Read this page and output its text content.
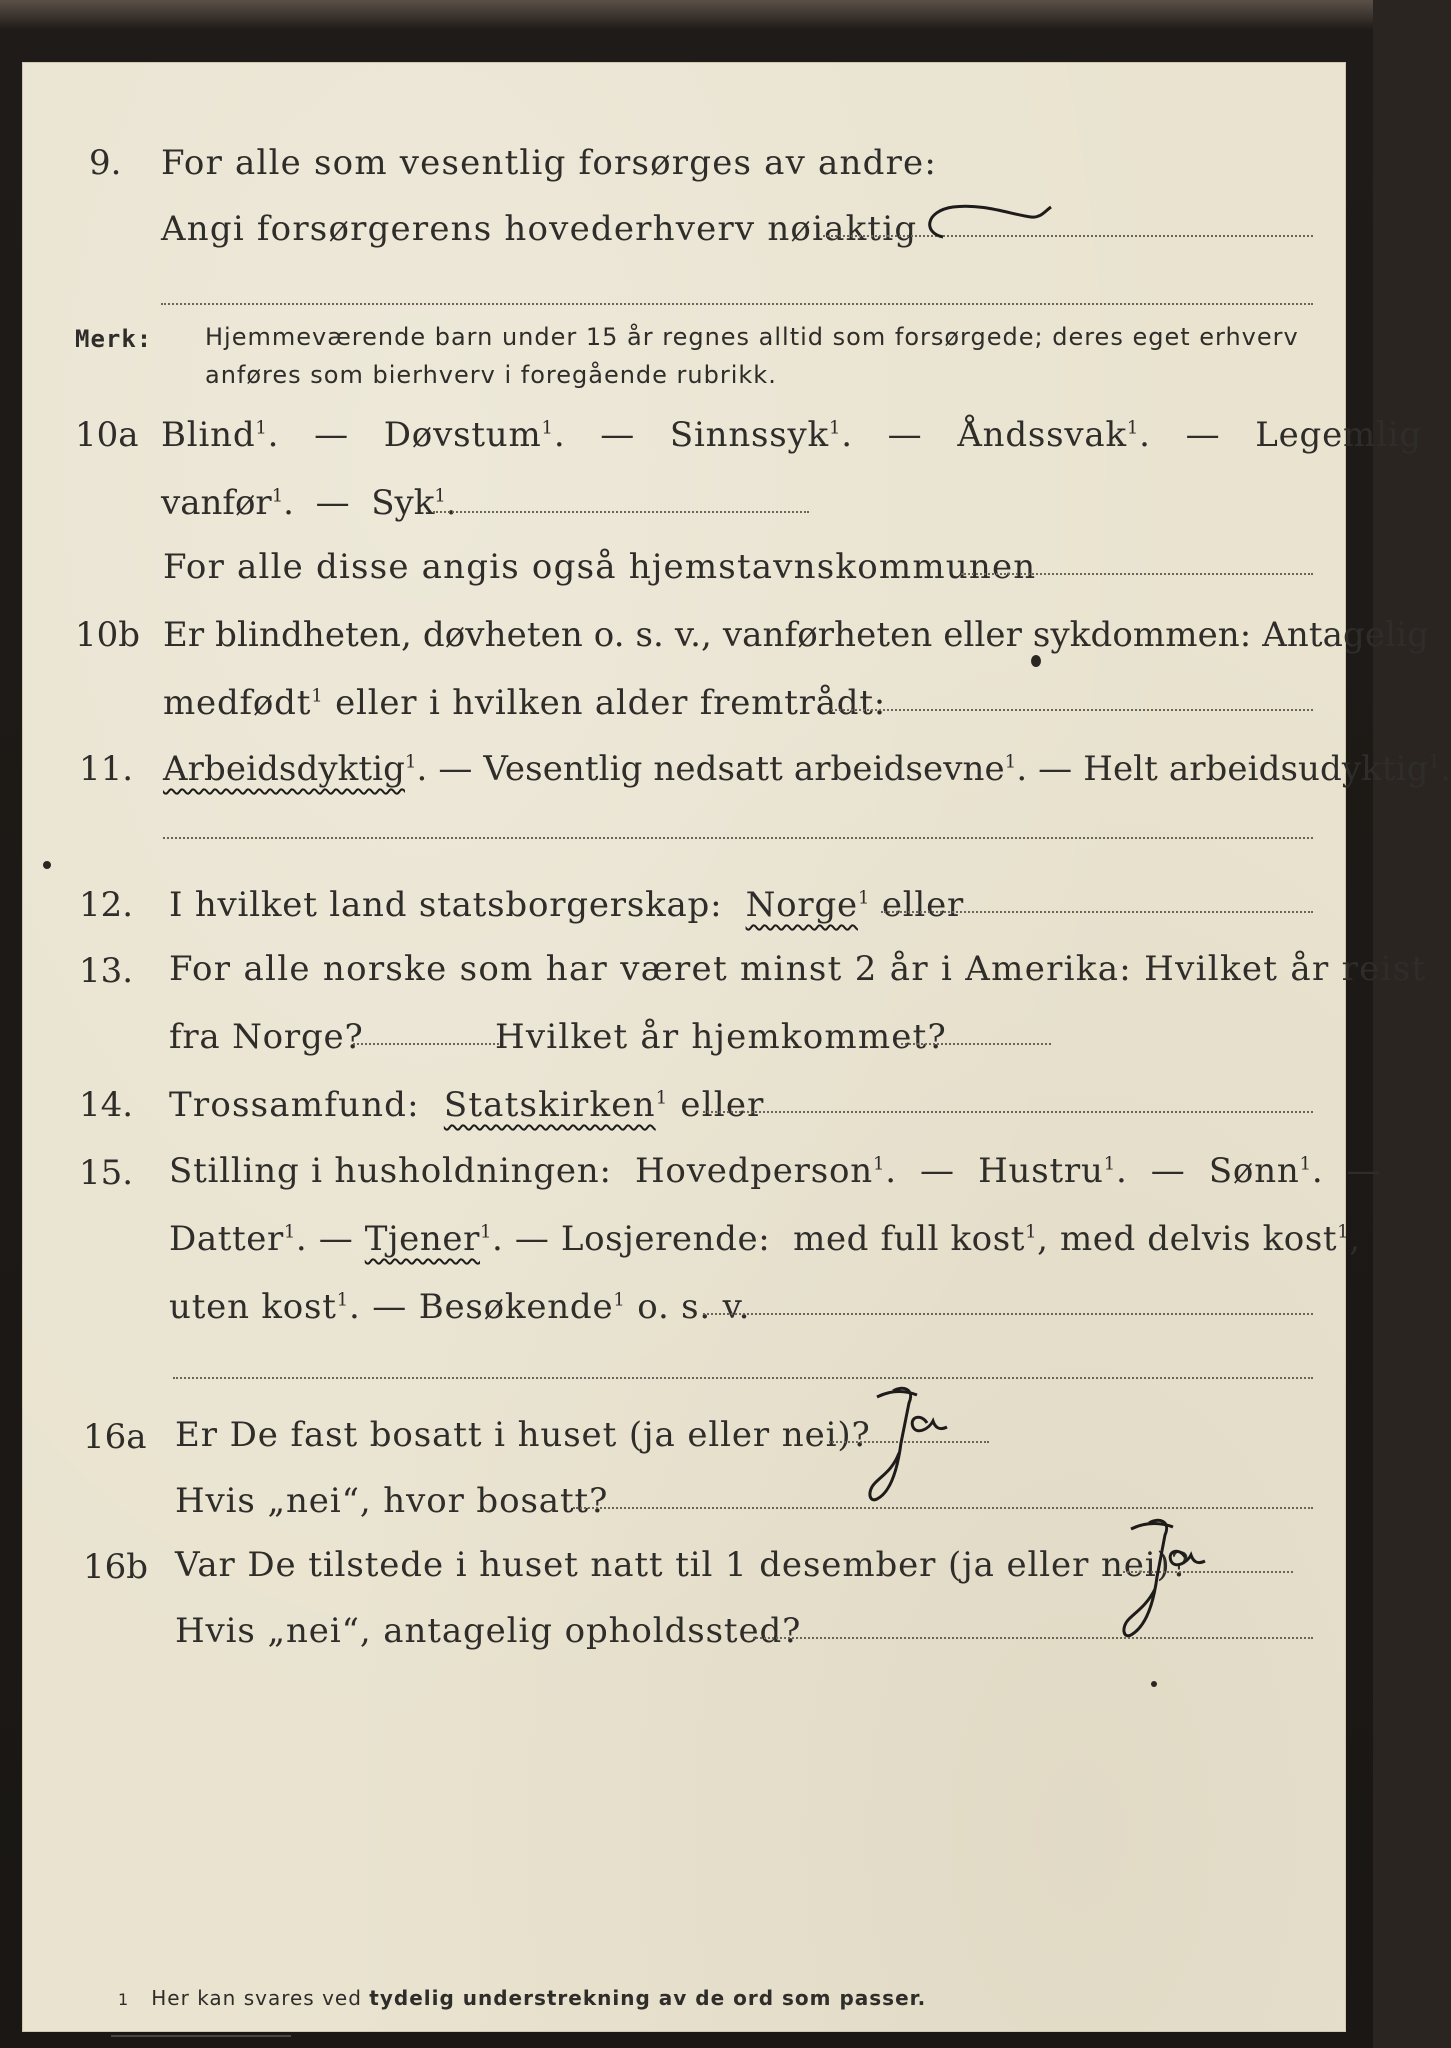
9. For alle som vesentlig forsørges av andre:
Angi forsørgerens hovederhverv nøiaktig
Merk: Hjemmeværende barn under 15 år regnes alltid som forsørgede; deres eget erhverv
anføres som bierhverv i foregående rubrikk.
10a Blind$^1$.   — Døvstum$^1$.   — Sinnssyk$^1$.   — Åndssvak$^1$.   — Legemlig
vanfør$^1$.  — Syk$^1$.
For alle disse angis også hjemstavnskommunen
10b Er blindheten, døvheten o. s. v., vanførheten eller sykdommen: Antagelig
medfødt$^1$ eller i hvilken alder fremtrådt:
11. Arbeidsdyktig$^1$. — Vesentlig nedsatt arbeidsevne$^1$. — Helt arbeidsudyktig$^1$.
12. I hvilket land statsborgerskap: Norge$^1$ eller
13. For alle norske som har været minst 2 år i Amerika: Hvilket år reist
fra Norge?	Hvilket år hjemkommet?
14. Trossamfund: Statskirken$^1$ eller
15. Stilling i husholdningen: Hovedperson$^1$.  — Hustru$^1$.  — Sønn$^1$.  —
Datter$^1$. — Tjener$^1$. — Losjerende: med full kost$^1$, med delvis kost$^1$,
uten kost$^1$. — Besøkende$^1$ o. s. v.
16a Er De fast bosatt i huset (ja eller nei)?
Hvis „nei“, hvor bosatt?
16b Var De tilstede i huset natt til 1 desember (ja eller nei)?
Hvis „nei“, antagelig opholdssted?
1 Her kan svares ved tydelig understrekning av de ord som passer.
